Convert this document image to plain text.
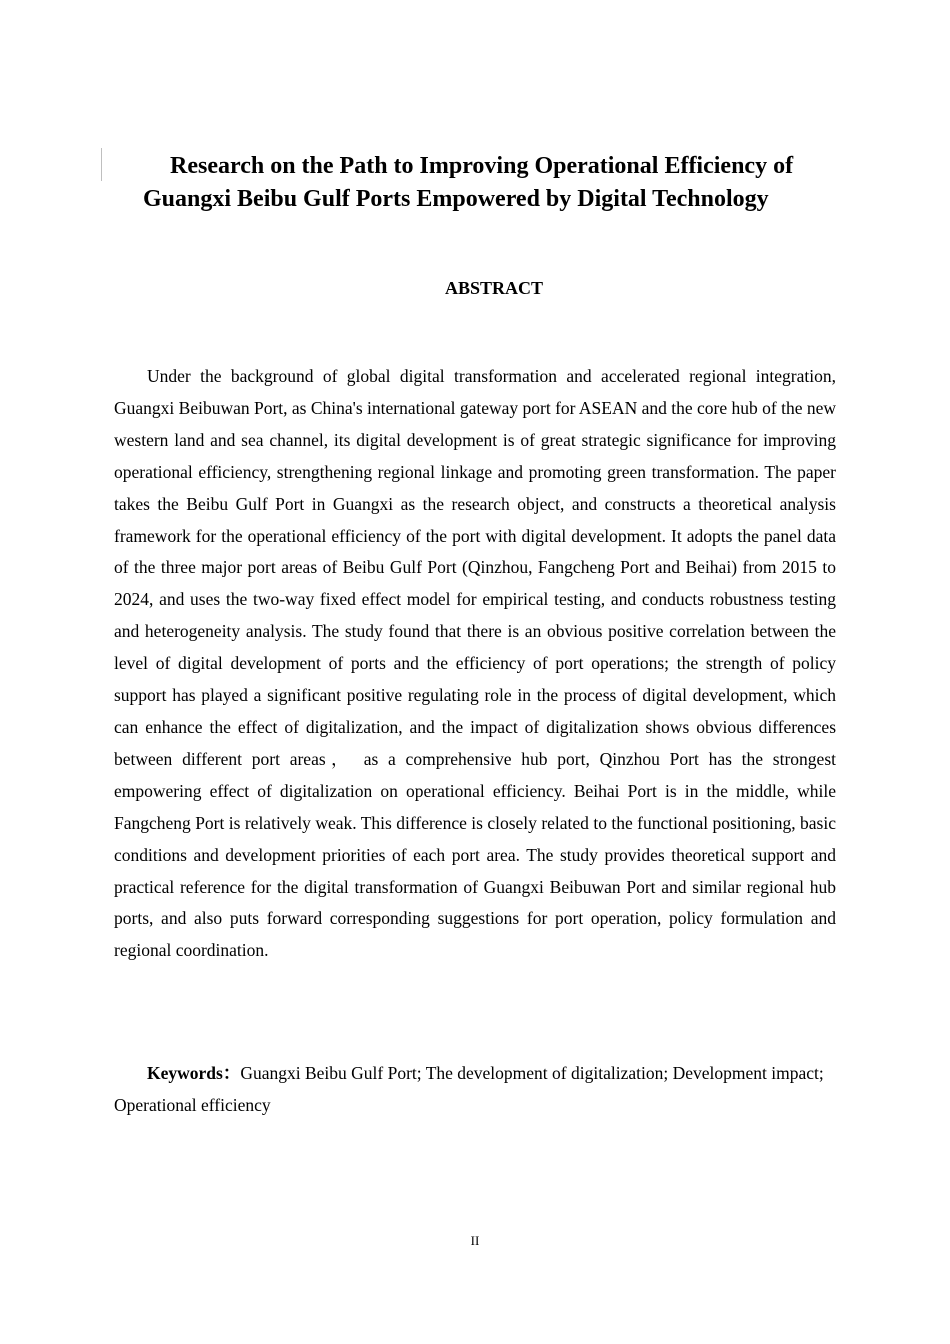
Research on the Path to Improving Operational Efficiency of
Guangxi Beibu Gulf Ports Empowered by Digital Technology
ABSTRACT

Under the background of global digital transformation and accelerated regional integration, Guangxi Beibuwan Port, as China's international gateway port for ASEAN and the core hub of the new western land and sea channel, its digital development is of great strategic significance for improving operational efficiency, strengthening regional linkage and promoting green transformation. The paper takes the Beibu Gulf Port in Guangxi as the research object, and constructs a theoretical analysis framework for the operational efficiency of the port with digital development. It adopts the panel data of the three major port areas of Beibu Gulf Port (Qinzhou, Fangcheng Port and Beihai) from 2015 to 2024, and uses the two-way fixed effect model for empirical testing, and conducts robustness testing and heterogeneity analysis. The study found that there is an obvious positive correlation between the level of digital development of ports and the efficiency of port operations; the strength of policy support has played a significant positive regulating role in the process of digital development, which can enhance the effect of digitalization, and the impact of digitalization shows obvious differences between different port areas， as a comprehensive hub port, Qinzhou Port has the strongest empowering effect of digitalization on operational efficiency. Beihai Port is in the middle, while Fangcheng Port is relatively weak. This difference is closely related to the functional positioning, basic conditions and development priorities of each port area. The study provides theoretical support and practical reference for the digital transformation of Guangxi Beibuwan Port and similar regional hub ports, and also puts forward corresponding suggestions for port operation, policy formulation and regional coordination.

Keywords：Guangxi Beibu Gulf Port; The development of digitalization; Development impact; Operational efficiency

II
